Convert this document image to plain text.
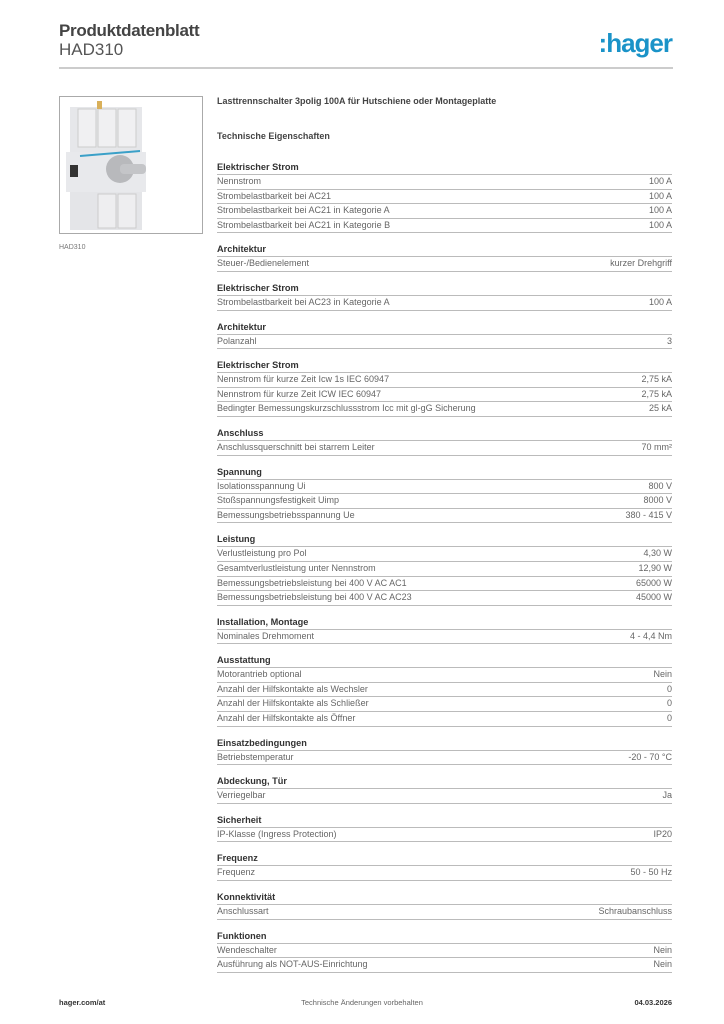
Produktdatenblatt
HAD310	:hager
HAD310
Lasttrennschalter 3polig 100A für Hutschiene oder Montageplatte
Technische Eigenschaften
Elektrischer Strom
Nennstrom	100 A
Strombelastbarkeit bei AC21	100 A
Strombelastbarkeit bei AC21 in Kategorie A	100 A
Strombelastbarkeit bei AC21 in Kategorie B	100 A
Architektur
Steuer-/Bedienelement	kurzer Drehgriff
Elektrischer Strom
Strombelastbarkeit bei AC23 in Kategorie A	100 A
Architektur
Polanzahl	3
Elektrischer Strom
Nennstrom für kurze Zeit Icw 1s IEC 60947	2,75 kA
Nennstrom für kurze Zeit ICW IEC 60947	2,75 kA
Bedingter Bemessungskurzschlussstrom Icc mit gl-gG Sicherung	25 kA
Anschluss
Anschlussquerschnitt bei starrem Leiter	70 mm²
Spannung
Isolationsspannung Ui	800 V
Stoßspannungsfestigkeit Uimp	8000 V
Bemessungsbetriebsspannung Ue	380 - 415 V
Leistung
Verlustleistung pro Pol	4,30 W
Gesamtverlustleistung unter Nennstrom	12,90 W
Bemessungsbetriebsleistung bei 400 V AC AC1	65000 W
Bemessungsbetriebsleistung bei 400 V AC AC23	45000 W
Installation, Montage
Nominales Drehmoment	4 - 4,4 Nm
Ausstattung
Motorantrieb optional	Nein
Anzahl der Hilfskontakte als Wechsler	0
Anzahl der Hilfskontakte als Schließer	0
Anzahl der Hilfskontakte als Öffner	0
Einsatzbedingungen
Betriebstemperatur	-20 - 70 °C
Abdeckung, Tür
Verriegelbar	Ja
Sicherheit
IP-Klasse (Ingress Protection)	IP20
Frequenz
Frequenz	50 - 50 Hz
Konnektivität
Anschlussart	Schraubanschluss
Funktionen
Wendeschalter	Nein
Ausführung als NOT-AUS-Einrichtung	Nein
hager.com/at	Technische Änderungen vorbehalten	04.03.2026
